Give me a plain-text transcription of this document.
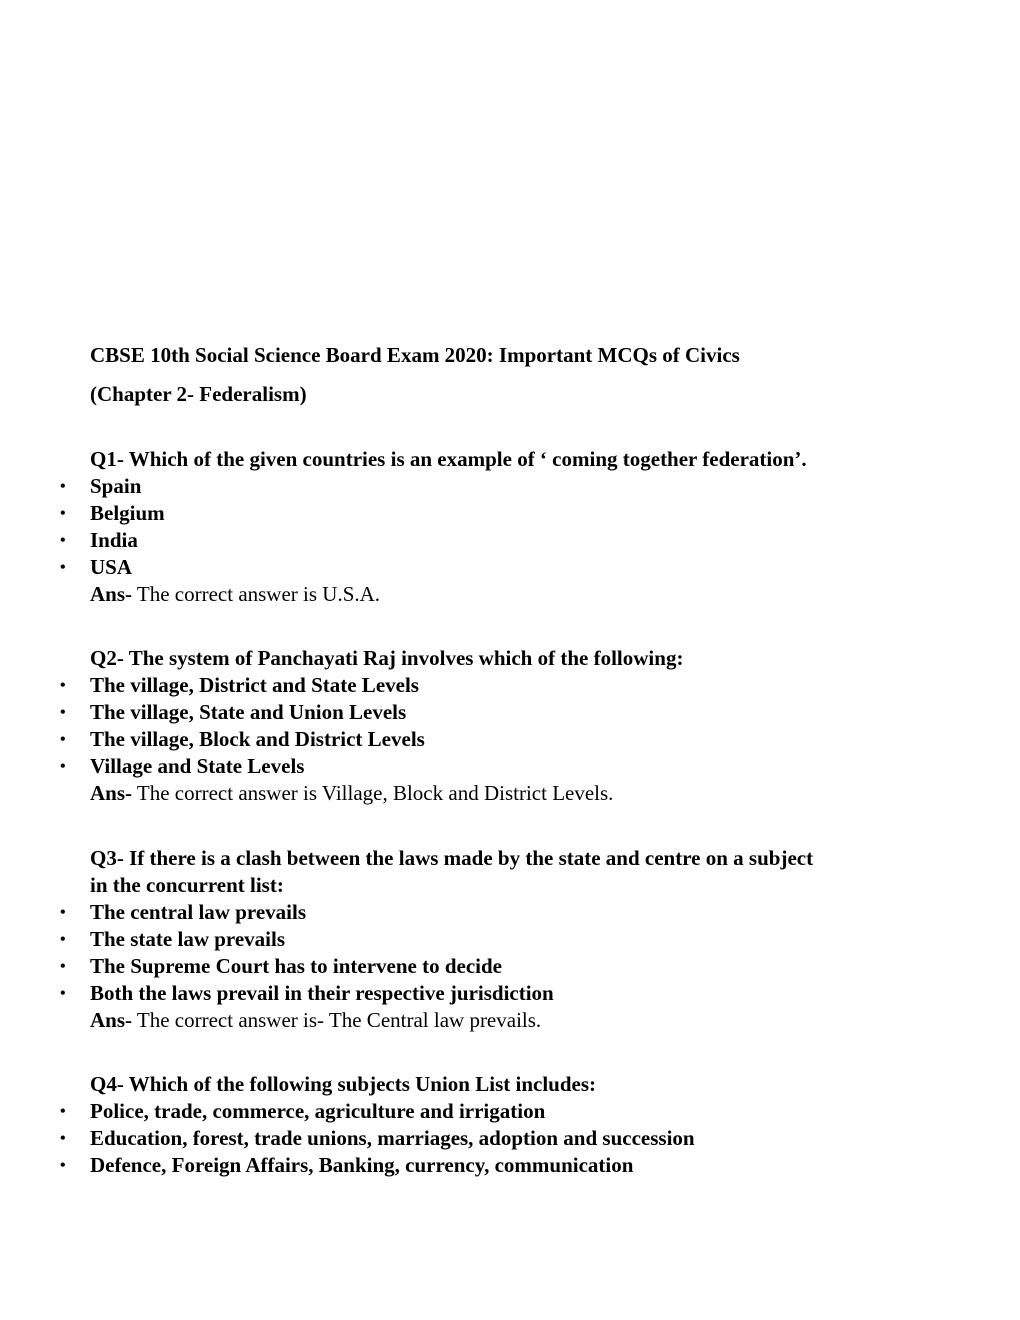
CBSE 10th Social Science Board Exam 2020: Important MCQs of Civics
(Chapter 2- Federalism)
Q1- Which of the given countries is an example of ‘ coming together federation’.
• Spain
• Belgium
• India
• USA
Ans- The correct answer is U.S.A.
Q2- The system of Panchayati Raj involves which of the following:
• The village, District and State Levels
• The village, State and Union Levels
• The village, Block and District Levels
• Village and State Levels
Ans- The correct answer is Village, Block and District Levels.
Q3- If there is a clash between the laws made by the state and centre on a subject
in the concurrent list:
• The central law prevails
• The state law prevails
• The Supreme Court has to intervene to decide
• Both the laws prevail in their respective jurisdiction
Ans- The correct answer is- The Central law prevails.
Q4- Which of the following subjects Union List includes:
• Police, trade, commerce, agriculture and irrigation
• Education, forest, trade unions, marriages, adoption and succession
• Defence, Foreign Affairs, Banking, currency, communication
